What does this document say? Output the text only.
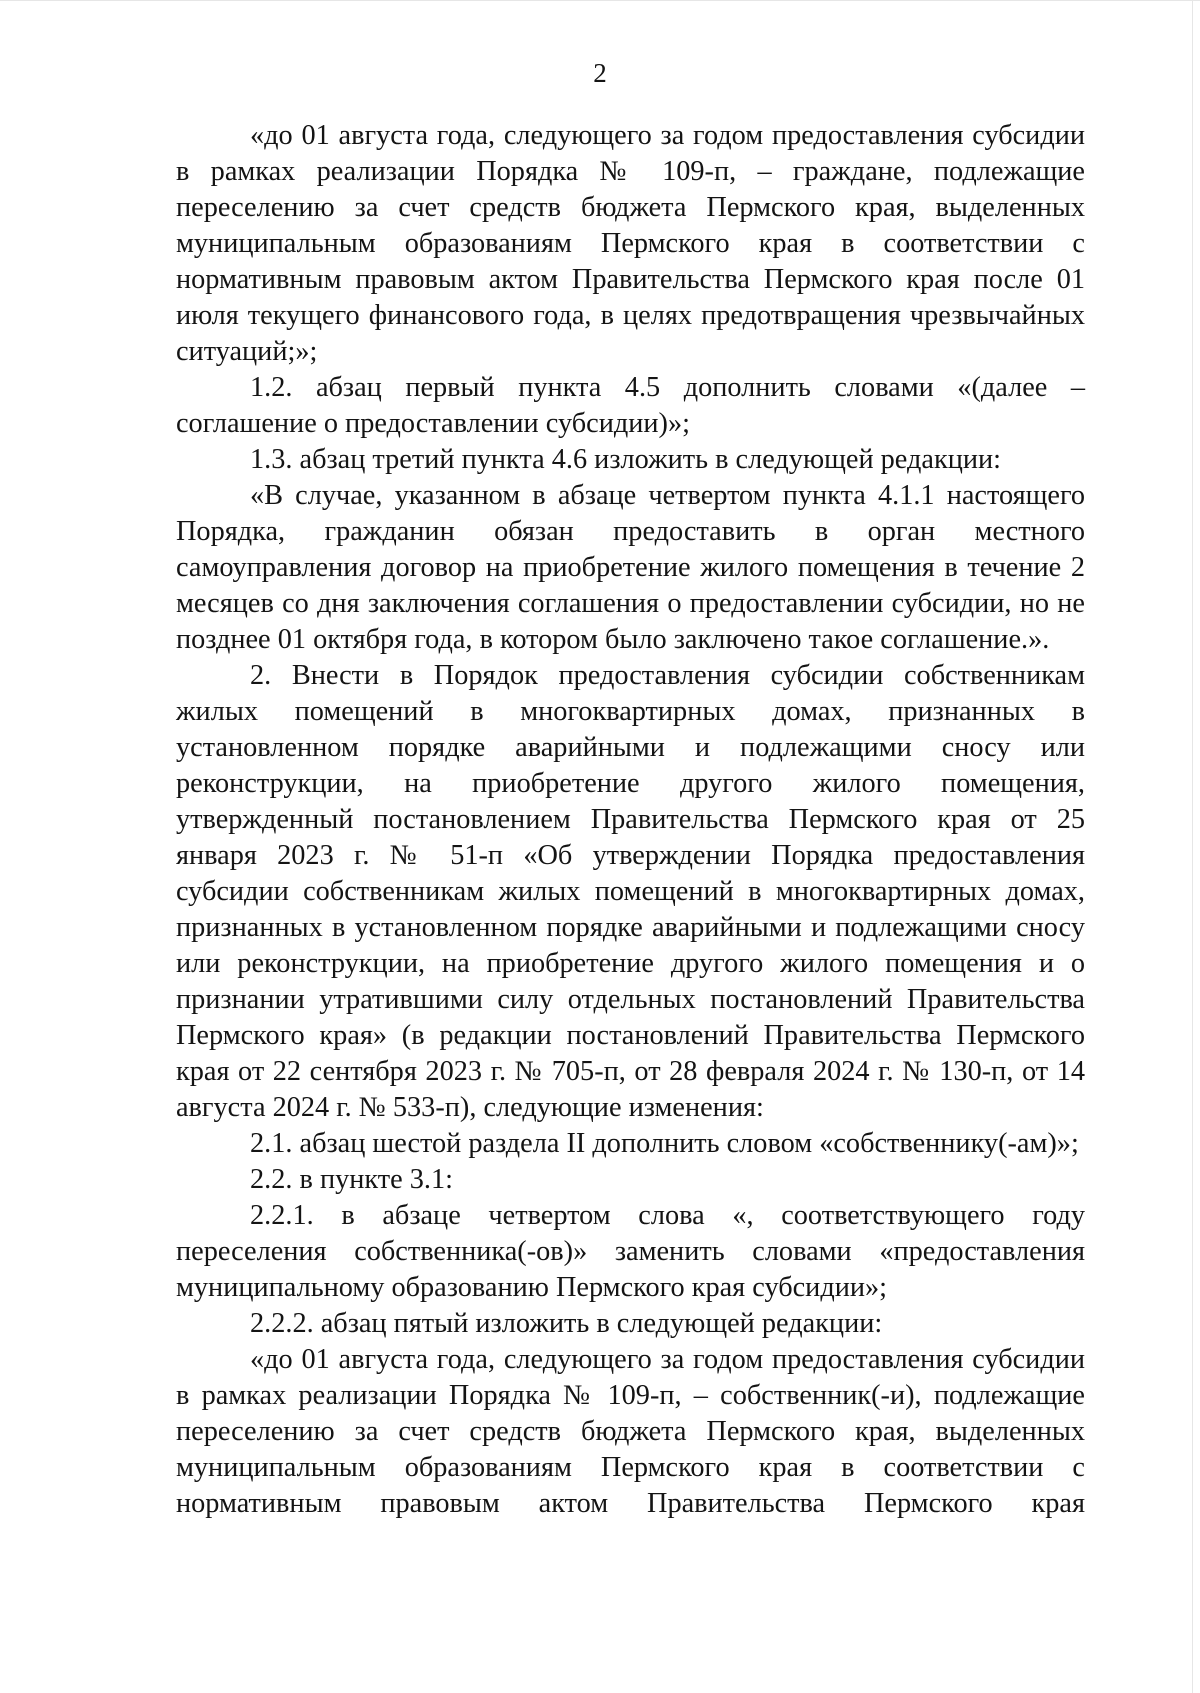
2

«до 01 августа года, следующего за годом предоставления субсидии в рамках реализации Порядка № 109-п, – граждане, подлежащие переселению за счет средств бюджета Пермского края, выделенных муниципальным образованиям Пермского края в соответствии с нормативным правовым актом Правительства Пермского края после 01 июля текущего финансового года, в целях предотвращения чрезвычайных ситуаций;»;

1.2. абзац первый пункта 4.5 дополнить словами «(далее – соглашение о предоставлении субсидии)»;

1.3. абзац третий пункта 4.6 изложить в следующей редакции:

«В случае, указанном в абзаце четвертом пункта 4.1.1 настоящего Порядка, гражданин обязан предоставить в орган местного самоуправления договор на приобретение жилого помещения в течение 2 месяцев со дня заключения соглашения о предоставлении субсидии, но не позднее 01 октября года, в котором было заключено такое соглашение.».

2. Внести в Порядок предоставления субсидии собственникам жилых помещений в многоквартирных домах, признанных в установленном порядке аварийными и подлежащими сносу или реконструкции, на приобретение другого жилого помещения, утвержденный постановлением Правительства Пермского края от 25 января 2023 г. № 51-п «Об утверждении Порядка предоставления субсидии собственникам жилых помещений в многоквартирных домах, признанных в установленном порядке аварийными и подлежащими сносу или реконструкции, на приобретение другого жилого помещения и о признании утратившими силу отдельных постановлений Правительства Пермского края» (в редакции постановлений Правительства Пермского края от 22 сентября 2023 г. № 705-п, от 28 февраля 2024 г. № 130-п, от 14 августа 2024 г. № 533-п), следующие изменения:

2.1. абзац шестой раздела II дополнить словом «собственнику(-ам)»;

2.2. в пункте 3.1:

2.2.1. в абзаце четвертом слова «, соответствующего году переселения собственника(-ов)» заменить словами «предоставления муниципальному образованию Пермского края субсидии»;

2.2.2. абзац пятый изложить в следующей редакции:

«до 01 августа года, следующего за годом предоставления субсидии в рамках реализации Порядка № 109-п, – собственник(-и), подлежащие переселению за счет средств бюджета Пермского края, выделенных муниципальным образованиям Пермского края в соответствии с нормативным правовым актом Правительства Пермского края
